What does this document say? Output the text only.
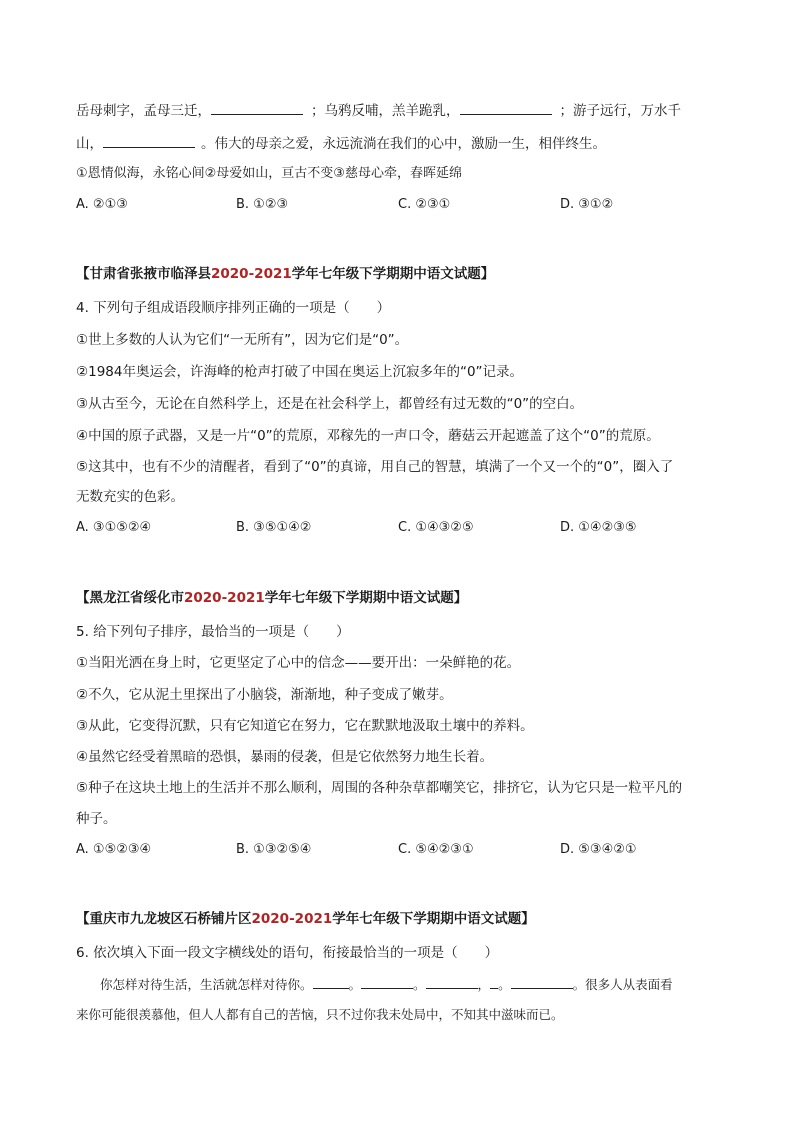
岳母刺字，孟母三迁，	；乌鸦反哺，羔羊跪乳，	；游子远行，万水千
山，	。伟大的母亲之爱，永远流淌在我们的心中，激励一生，相伴终生。
①恩情似海，永铭心间②母爱如山，亘古不变③慈母心牵，春晖延绵
A. ②①③	B. ①②③	C. ②③①	D. ③①②
【甘肃省张掖市临泽县2020-2021学年七年级下学期期中语文试题】
4. 下列句子组成语段顺序排列正确的一项是（　　）
①世上多数的人认为它们“一无所有”，因为它们是“0”。
②1984年奥运会，许海峰的枪声打破了中国在奥运上沉寂多年的“0”记录。
③从古至今，无论在自然科学上，还是在社会科学上，都曾经有过无数的“0”的空白。
④中国的原子武器，又是一片“0”的荒原，邓稼先的一声口令，蘑菇云开起遮盖了这个“0”的荒原。
⑤这其中，也有不少的清醒者，看到了“0”的真谛，用自己的智慧，填满了一个又一个的“0”，圈入了
无数充实的色彩。
A. ③①⑤②④	B. ③⑤①④②	C. ①④③②⑤	D. ①④②③⑤
【黑龙江省绥化市2020-2021学年七年级下学期期中语文试题】
5. 给下列句子排序，最恰当的一项是（　　）
①当阳光洒在身上时，它更坚定了心中的信念——要开出：一朵鲜艳的花。
②不久，它从泥土里探出了小脑袋，渐渐地，种子变成了嫩芽。
③从此，它变得沉默，只有它知道它在努力，它在默默地汲取土壤中的养料。
④虽然它经受着黑暗的恐惧，暴雨的侵袭，但是它依然努力地生长着。
⑤种子在这块土地上的生活并不那么顺利，周围的各种杂草都嘲笑它，排挤它，认为它只是一粒平凡的
种子。
A. ①⑤②③④	B. ①③②⑤④	C. ⑤④②③①	D. ⑤③④②①
【重庆市九龙坡区石桥铺片区2020-2021学年七年级下学期期中语文试题】
6. 依次填入下面一段文字横线处的语句，衔接最恰当的一项是（　　）
你怎样对待生活，生活就怎样对待你。	。	。	， 。	。很多人从表面看
来你可能很羡慕他，但人人都有自己的苦恼，只不过你我未处局中，不知其中滋味而已。
